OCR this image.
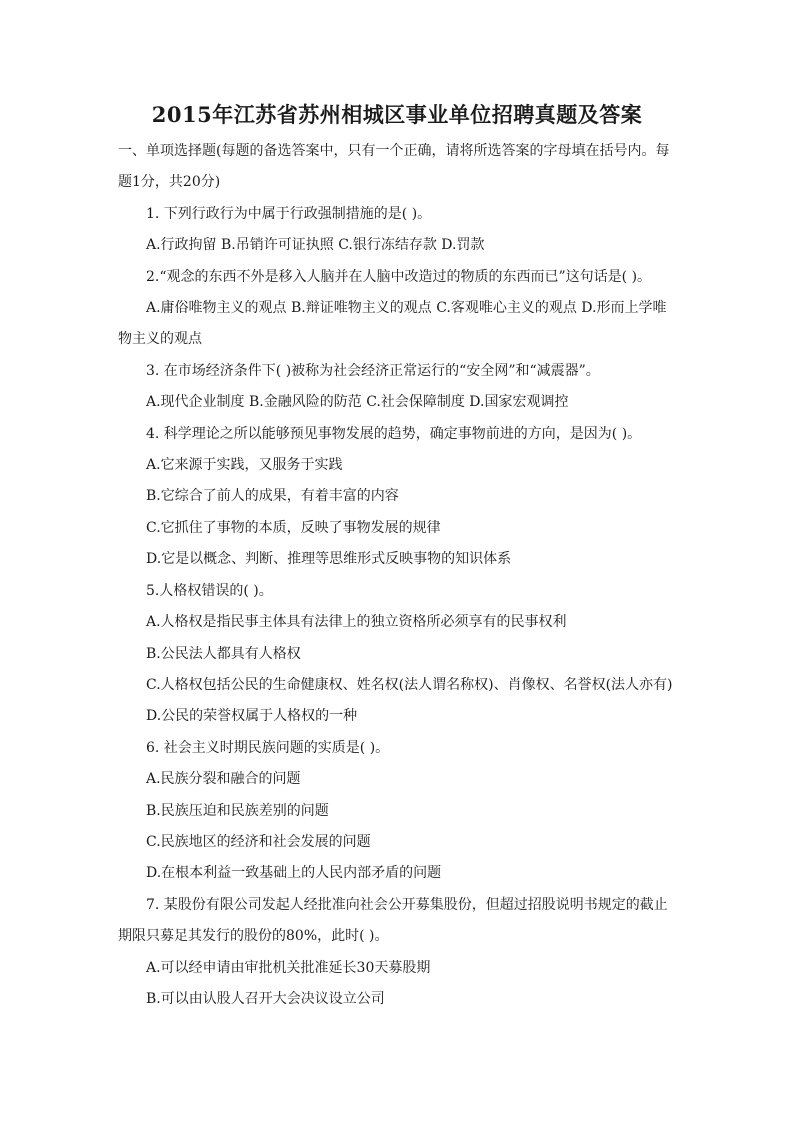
2015年江苏省苏州相城区事业单位招聘真题及答案

一、单项选择题(每题的备选答案中，只有一个正确，请将所选答案的字母填在括号内。每

题1分，共20分)

1. 下列行政行为中属于行政强制措施的是( )。

A.行政拘留 B.吊销许可证执照 C.银行冻结存款 D.罚款

2.“观念的东西不外是移入人脑并在人脑中改造过的物质的东西而已”这句话是( )。

A.庸俗唯物主义的观点 B.辩证唯物主义的观点 C.客观唯心主义的观点 D.形而上学唯

物主义的观点

3. 在市场经济条件下( )被称为社会经济正常运行的“安全网”和“减震器”。

A.现代企业制度 B.金融风险的防范 C.社会保障制度 D.国家宏观调控

4. 科学理论之所以能够预见事物发展的趋势，确定事物前进的方向，是因为( )。

A.它来源于实践，又服务于实践

B.它综合了前人的成果，有着丰富的内容

C.它抓住了事物的本质，反映了事物发展的规律

D.它是以概念、判断、推理等思维形式反映事物的知识体系

5.人格权错误的( )。

A.人格权是指民事主体具有法律上的独立资格所必须享有的民事权利

B.公民法人都具有人格权

C.人格权包括公民的生命健康权、姓名权(法人谓名称权)、肖像权、名誉权(法人亦有)

D.公民的荣誉权属于人格权的一种

6. 社会主义时期民族问题的实质是( )。

A.民族分裂和融合的问题

B.民族压迫和民族差别的问题

C.民族地区的经济和社会发展的问题

D.在根本利益一致基础上的人民内部矛盾的问题

7. 某股份有限公司发起人经批准向社会公开募集股份，但超过招股说明书规定的截止

期限只募足其发行的股份的80%，此时( )。

A.可以经申请由审批机关批准延长30天募股期

B.可以由认股人召开大会决议设立公司
